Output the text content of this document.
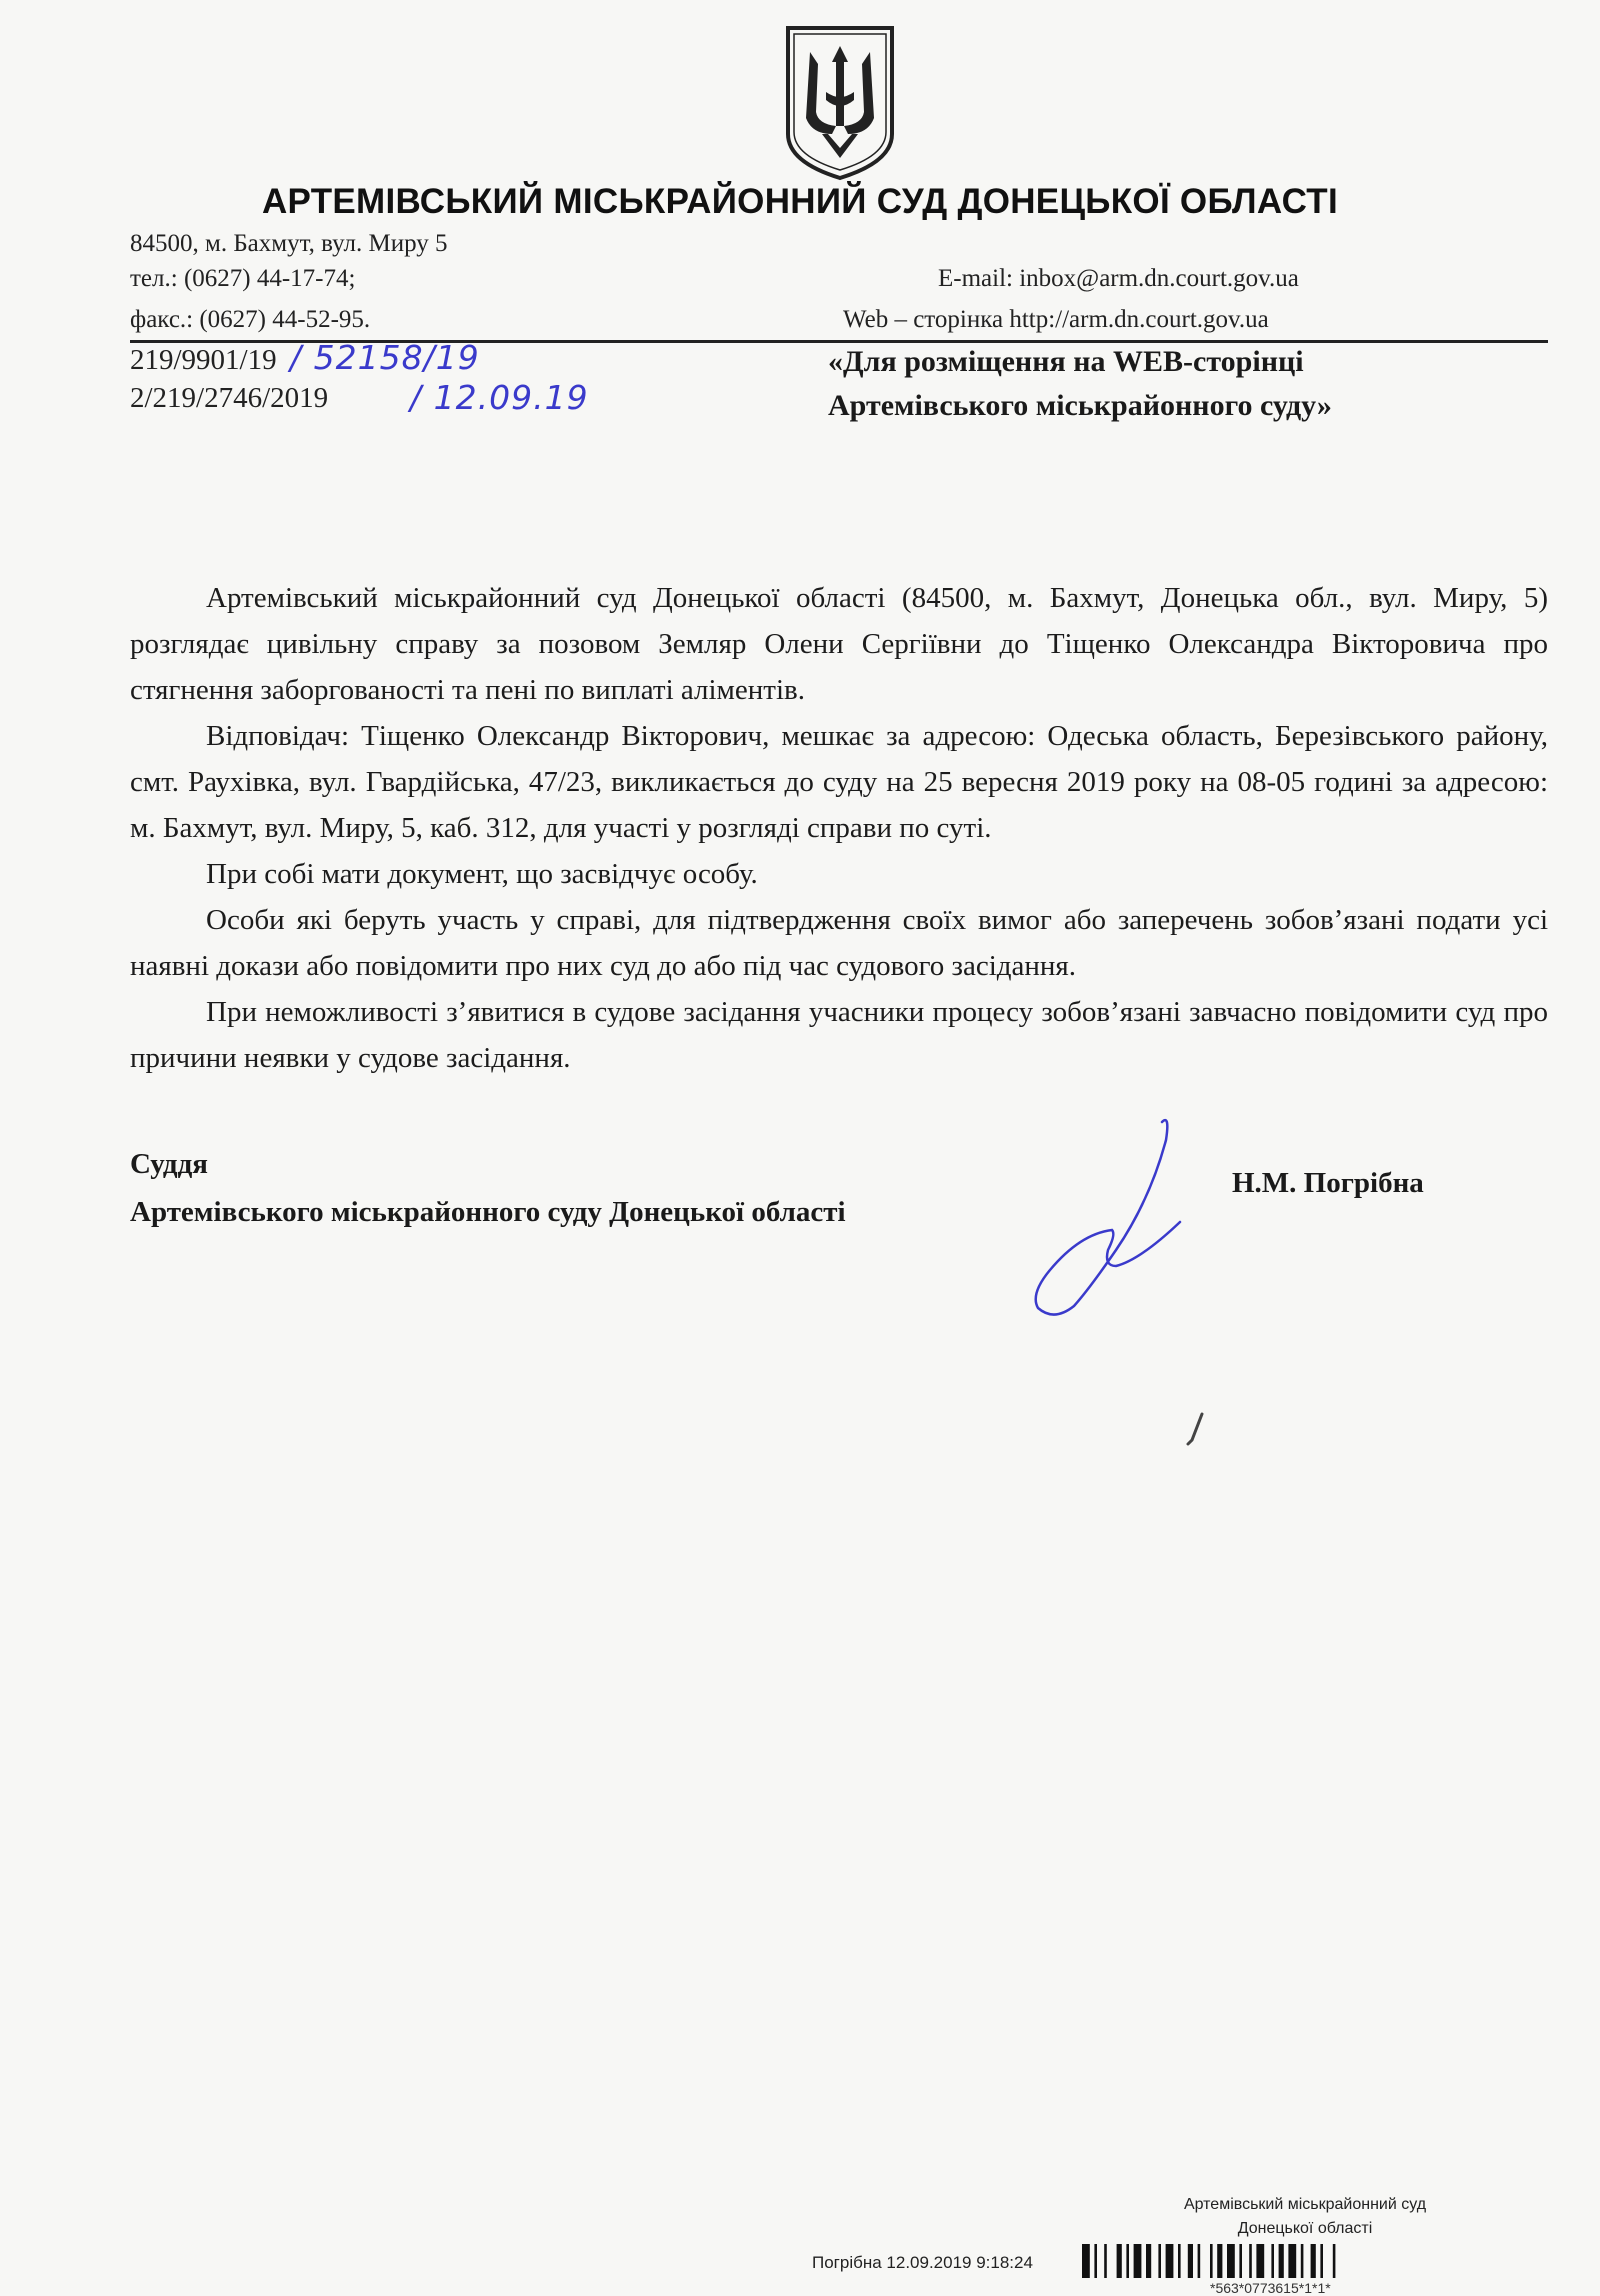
АРТЕМІВСЬКИЙ МІСЬКРАЙОННИЙ СУД ДОНЕЦЬКОЇ ОБЛАСТІ
84500, м. Бахмут, вул. Миру 5
тел.: (0627) 44-17-74;
факс.: (0627) 44-52-95.
E-mail: inbox@arm.dn.court.gov.ua
Web – сторінка http://arm.dn.court.gov.ua
219/9901/19
2/219/2746/2019
/ 52158/19
/ 12.09.19
«Для розміщення на WEB-сторінці
Артемівського міськрайонного суду»

Артемівський міськрайонний суд Донецької області (84500, м. Бахмут, Донецька обл., вул. Миру, 5) розглядає цивільну справу за позовом Земляр Олени Сергіївни до Тіщенко Олександра Вікторовича про стягнення заборгованості та пені по виплаті аліментів.

Відповідач: Тіщенко Олександр Вікторович, мешкає за адресою: Одеська область, Березівського району, смт. Раухівка, вул. Гвардійська, 47/23, викликається до суду на 25 вересня 2019 року на 08-05 годині за адресою: м. Бахмут, вул. Миру, 5, каб. 312, для участі у розгляді справи по суті.

При собі мати документ, що засвідчує особу.

Особи які беруть участь у справі, для підтвердження своїх вимог або заперечень зобов’язані подати усі наявні докази або повідомити про них суд до або під час судового засідання.

При неможливості з’явитися в судове засідання учасники процесу зобов’язані завчасно повідомити суд про причини неявки у судове засідання.

Суддя
Артемівського міськрайонного суду Донецької області
Н.М. Погрібна
Артемівський міськрайонний суд
Донецької області
Погрібна 12.09.2019 9:18:24
*563*0773615*1*1*
